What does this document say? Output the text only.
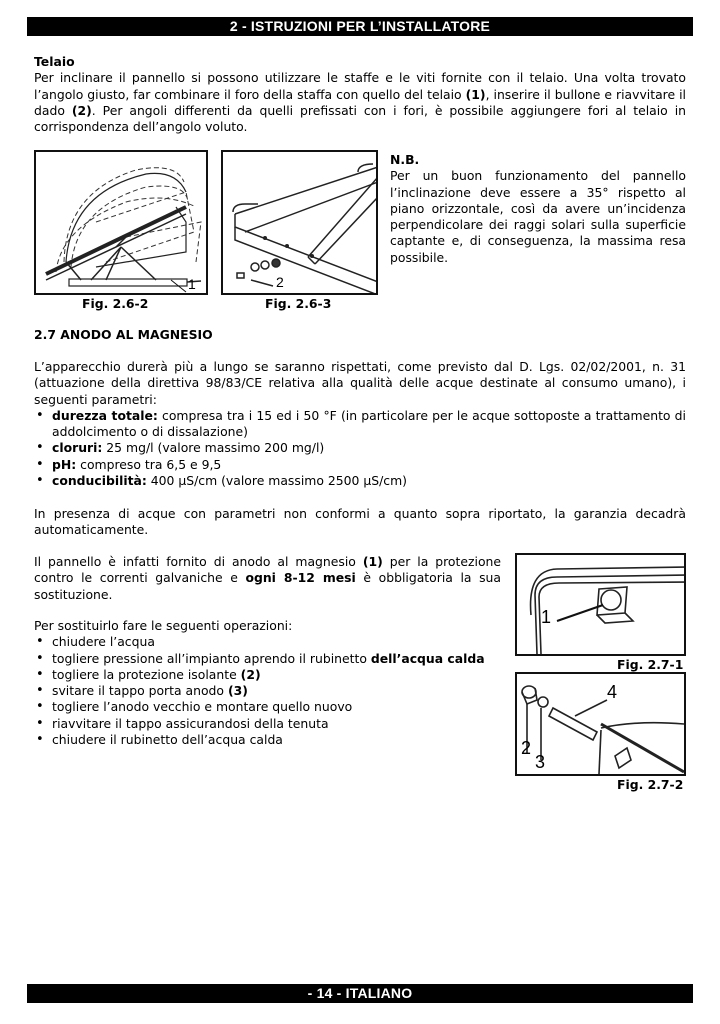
2 - ISTRUZIONI PER L’INSTALLATORE
Telaio
Per inclinare il pannello si possono utilizzare le staffe e le viti fornite con il telaio. Una volta trovato l’angolo giusto, far combinare il foro della staffa con quello del telaio (1), inserire il bullone e riavvitare il dado (2). Per angoli differenti da quelli prefissati con i fori, è possibile aggiungere fori al telaio in corrispondenza dell’angolo voluto.
1
Fig. 2.6-2
2
Fig. 2.6-3
N.B.
Per un buon funzionamento del pannello l’inclinazione deve essere a 35° rispetto al piano orizzontale, così da avere un’incidenza perpendicolare dei raggi solari sulla superficie captante e, di conseguenza, la massima resa possibile.
2.7 ANODO AL MAGNESIO
L’apparecchio durerà più a lungo se saranno rispettati, come previsto dal D. Lgs. 02/02/2001, n. 31 (attuazione della direttiva 98/83/CE relativa alla qualità delle acque destinate al consumo umano), i seguenti parametri:
• durezza totale: compresa tra i 15 ed i 50 °F (in particolare per le acque sottoposte a trattamento di addolcimento o di dissalazione)
• cloruri: 25 mg/l (valore massimo 200 mg/l)
• pH: compreso tra 6,5 e 9,5
• conducibilità: 400 µS/cm (valore massimo 2500 µS/cm)
In presenza di acque con parametri non conformi a quanto sopra riportato, la garanzia decadrà automaticamente.
Il pannello è infatti fornito di anodo al magnesio (1) per la protezione contro le correnti galvaniche e ogni 8-12 mesi è obbligatoria la sua sostituzione.
Per sostituirlo fare le seguenti operazioni:
• chiudere l’acqua
• togliere pressione all’impianto aprendo il rubinetto dell’acqua calda
• togliere la protezione isolante (2)
• svitare il tappo porta anodo (3)
• togliere l’anodo vecchio e montare quello nuovo
• riavvitare il tappo assicurandosi della tenuta
• chiudere il rubinetto dell’acqua calda
1
Fig. 2.7-1
2
3
4
Fig. 2.7-2
- 14 - ITALIANO
